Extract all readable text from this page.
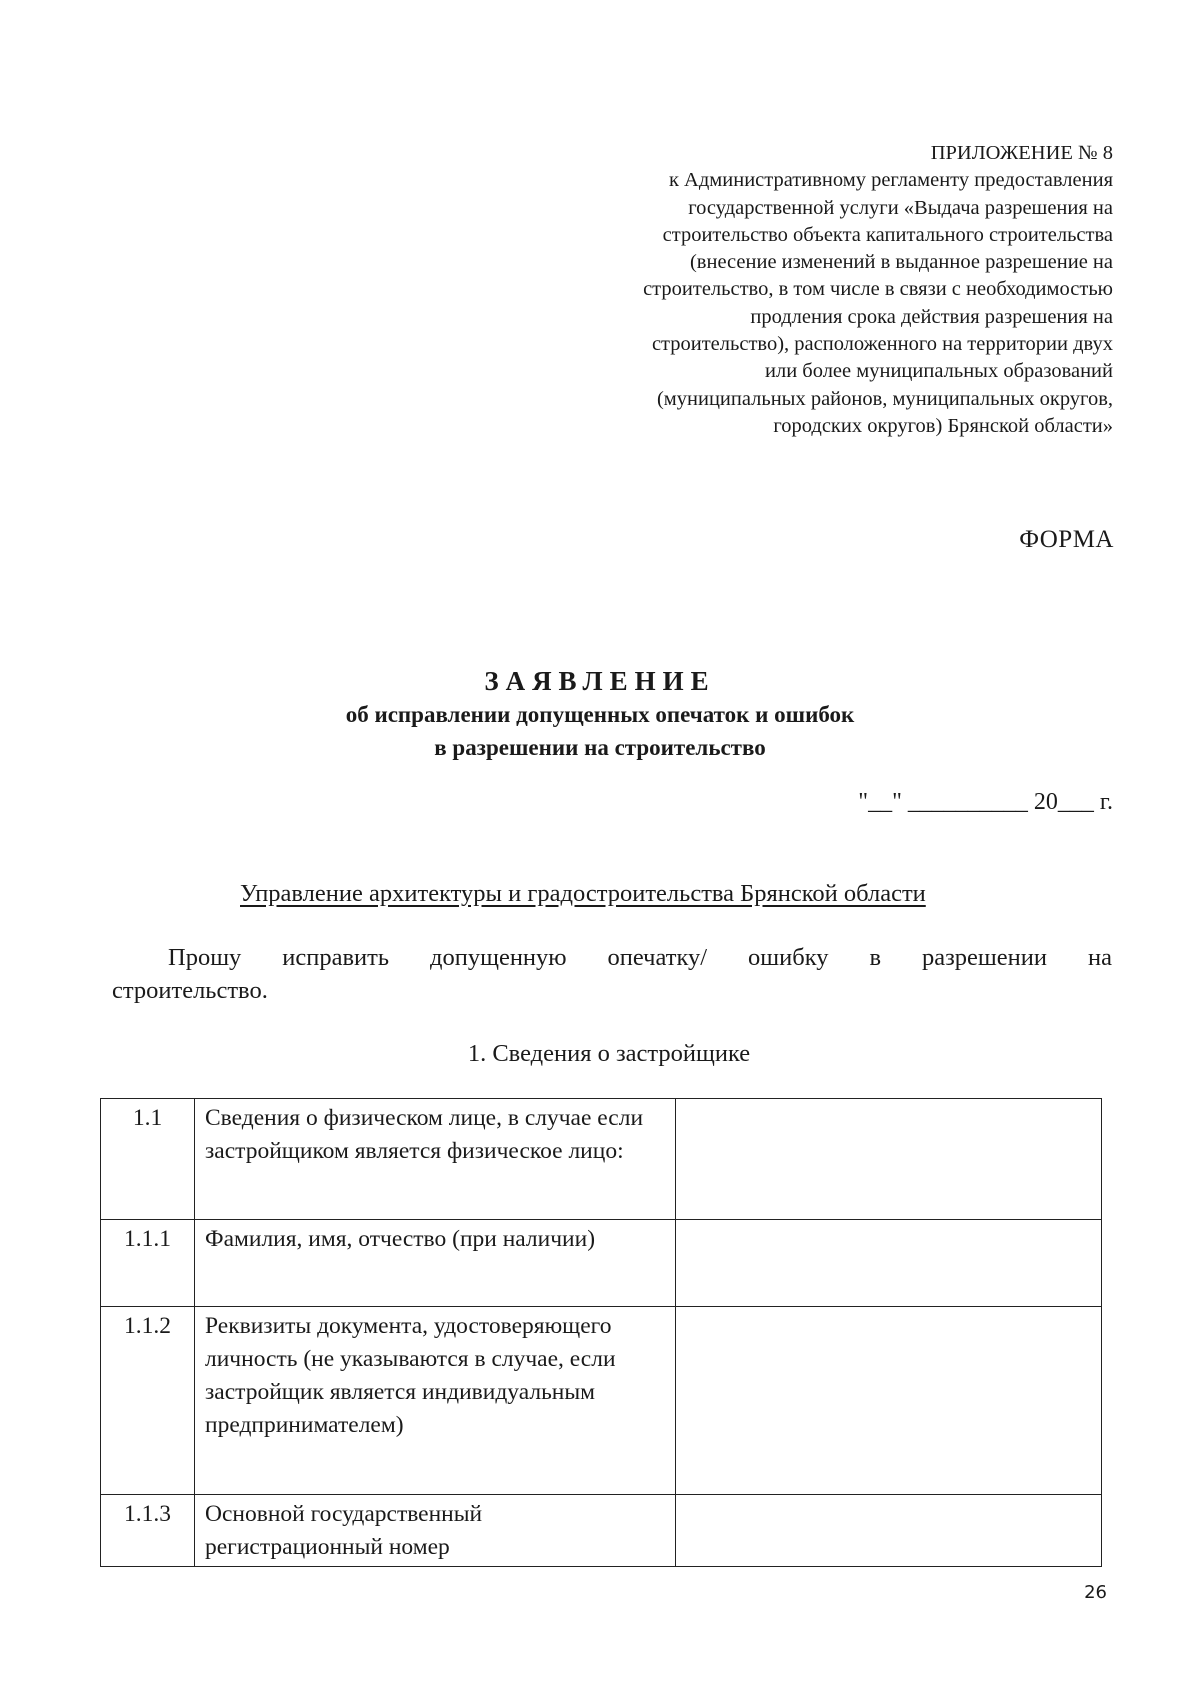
ПРИЛОЖЕНИЕ № 8
к Административному регламенту предоставления
государственной услуги «Выдача разрешения на
строительство объекта капитального строительства
(внесение изменений в выданное разрешение на
строительство, в том числе в связи с необходимостью
продления срока действия разрешения на
строительство), расположенного на территории двух
или более муниципальных образований
(муниципальных районов, муниципальных округов,
городских округов) Брянской области»
ФОРМА
ЗАЯВЛЕНИЕ
об исправлении допущенных опечаток и ошибок
в разрешении на строительство
"__" __________ 20___ г.
Управление архитектуры и градостроительства Брянской области
Прошу исправить допущенную опечатку/ ошибку в разрешении на
строительство.
1. Сведения о застройщике
1.1	Сведения о физическом лице, в случае если застройщиком является физическое лицо:	
1.1.1	Фамилия, имя, отчество (при наличии)	
1.1.2	Реквизиты документа, удостоверяющего личность (не указываются в случае, если застройщик является индивидуальным предпринимателем)	
1.1.3	Основной государственный регистрационный номер	
26
